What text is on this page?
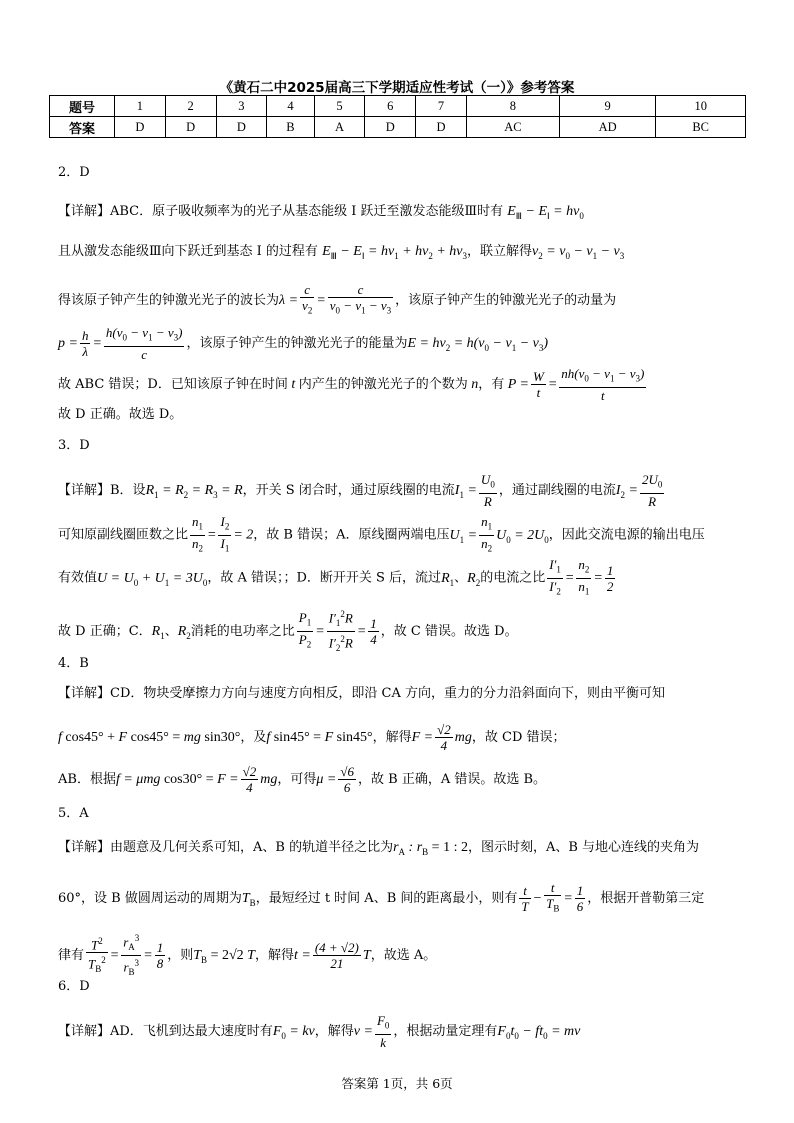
《黄石二中2025届高三下学期适应性考试（一）》参考答案
题号	1	2	3	4	5	6	7	8	9	10
答案	D	D	D	B	A	D	D	AC	AD	BC
2．D
【详解】ABC．原子吸收频率为的光子从基态能级 I 跃迁至激发态能级Ⅲ时有 $E_Ⅲ - E_Ⅰ = h\nu_0$
且从激发态能级Ⅲ向下跃迁到基态 I 的过程有 $E_Ⅲ - E_Ⅰ = h\nu_1 + h\nu_2 + h\nu_3$，联立解得$\nu_2 = \nu_0 - \nu_1 - \nu_3$
得该原子钟产生的钟激光光子的波长为$\lambda = \frac{c}{\nu_2} = \frac{c}{\nu_0 - \nu_1 - \nu_3}$ ，该原子钟产生的钟激光光子的动量为
$p = \frac{h}{\lambda} = \frac{h(\nu_0 - \nu_1 - \nu_3)}{c}$ ，该原子钟产生的钟激光光子的能量为$E = h\nu_2 = h(\nu_0 - \nu_1 - \nu_3)$
故 ABC 错误；D．已知该原子钟在时间 t 内产生的钟激光光子的个数为 n，有 $P = \frac{W}{t} = \frac{nh(\nu_0 - \nu_1 - \nu_3)}{t}$
故 D 正确。故选 D。
3．D
【详解】B．设$R_1 = R_2 = R_3 = R$，开关 S 闭合时，通过原线圈的电流$I_1 = \frac{U_0}{R}$ ，通过副线圈的电流$I_2 = \frac{2U_0}{R}$
可知原副线圈匝数之比 $\frac{n_1}{n_2} = \frac{I_2}{I_1} = 2$，故 B 错误；A．原线圈两端电压$U_1 = \frac{n_1}{n_2} U_0 = 2U_0$，因此交流电源的输出电压
有效值$U = U_0 + U_1 = 3U_0$，故 A 错误；；D．断开开关 S 后，流过$R_1$、$R_2$的电流之比 $\frac{I'_1}{I'_2} = \frac{n_2}{n_1} = \frac{1}{2}$
故 D 正确；C．$R_1$、$R_2$消耗的电功率之比 $\frac{P_1}{P_2} = \frac{I'_1^2R}{I'_2^2R} = \frac{1}{4}$ ，故 C 错误。故选 D。
4．B
【详解】CD．物块受摩擦力方向与速度方向相反，即沿 CA 方向，重力的分力沿斜面向下，则由平衡可知
f cos45° + F cos45° = mg sin30°，及f sin45° = F sin45°，解得$F = \frac{√2}{4}$ mg，故 CD 错误；
AB．根据f = μmg $\cos 30^\circ = F = \frac{√2}{4}$ mg，可得$\mu = \frac{√6}{6}$ ，故 B 正确，A 错误。故选 B。
5．A
【详解】由题意及几何关系可知，A、B 的轨道半径之比为$r_A$ : $r_B = 1$ : 2，图示时刻，A、B 与地心连线的夹角为
60°，设 B 做圆周运动的周期为$T_B$，最短经过 t 时间 A、B 间的距离最小，则有 $\frac{t}{T} - \frac{t}{T_B} = \frac{1}{6}$ ，根据开普勒第三定
律有 $\frac{T^2}{T_B^2} = \frac{r_A^3}{r_B^3} = \frac{1}{8}$ ，则$T_B = 2√2$ T，解得$t = \frac{(4 + √2)}{21}$ T，故选 A。
6．D
【详解】AD．飞机到达最大速度时有$F_0$ = kv，解得$v = \frac{F_0}{k}$ ，根据动量定理有$F_0t_0 - ft_0$ = mv
答案第 1页，共 6页
